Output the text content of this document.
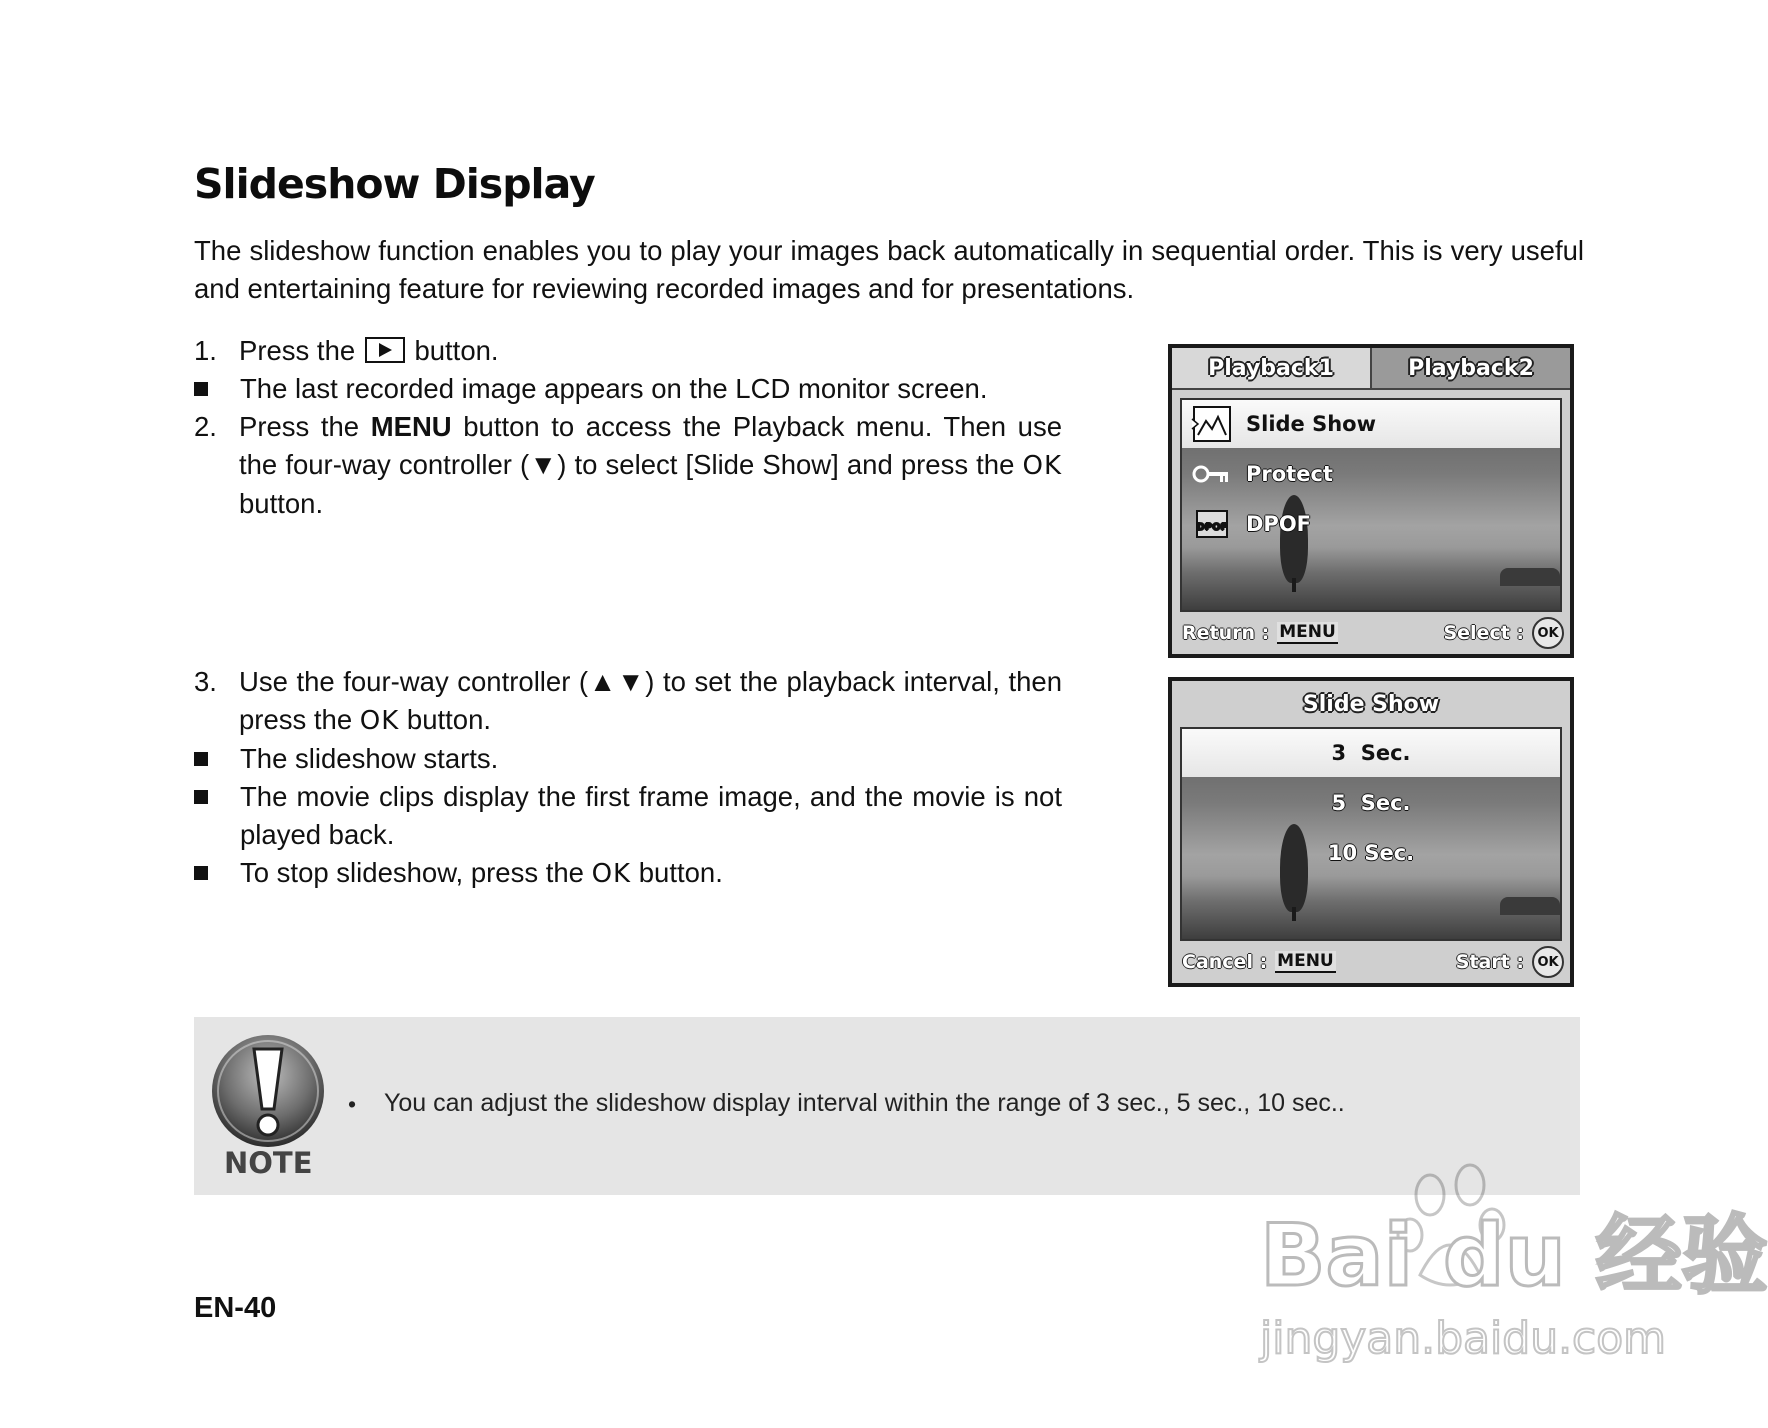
Slideshow Display
The slideshow function enables you to play your images back automatically in sequential order. This is very useful and entertaining feature for reviewing recorded images and for presentations.
1. Press the button.
The last recorded image appears on the LCD monitor screen.
2. Press the MENU button to access the Playback menu. Then use the four-way controller (▼) to select [Slide Show] and press the OK button.
3. Use the four-way controller (▲▼) to set the playback interval, then press the OK button.
The slideshow starts.
The movie clips display the first frame image, and the movie is not played back.
To stop slideshow, press the OK button.
Playback1	Playback2
Slide Show
Protect
DPOF DPOF
Return : MENU	Select :	OK
Slide Show
3  Sec.
5  Sec.
10 Sec.
Cancel : MENU	Start :	OK
NOTE
• You can adjust the slideshow display interval within the range of 3 sec., 5 sec., 10 sec..
EN-40
Bai du 经验
jingyan.baidu.com
